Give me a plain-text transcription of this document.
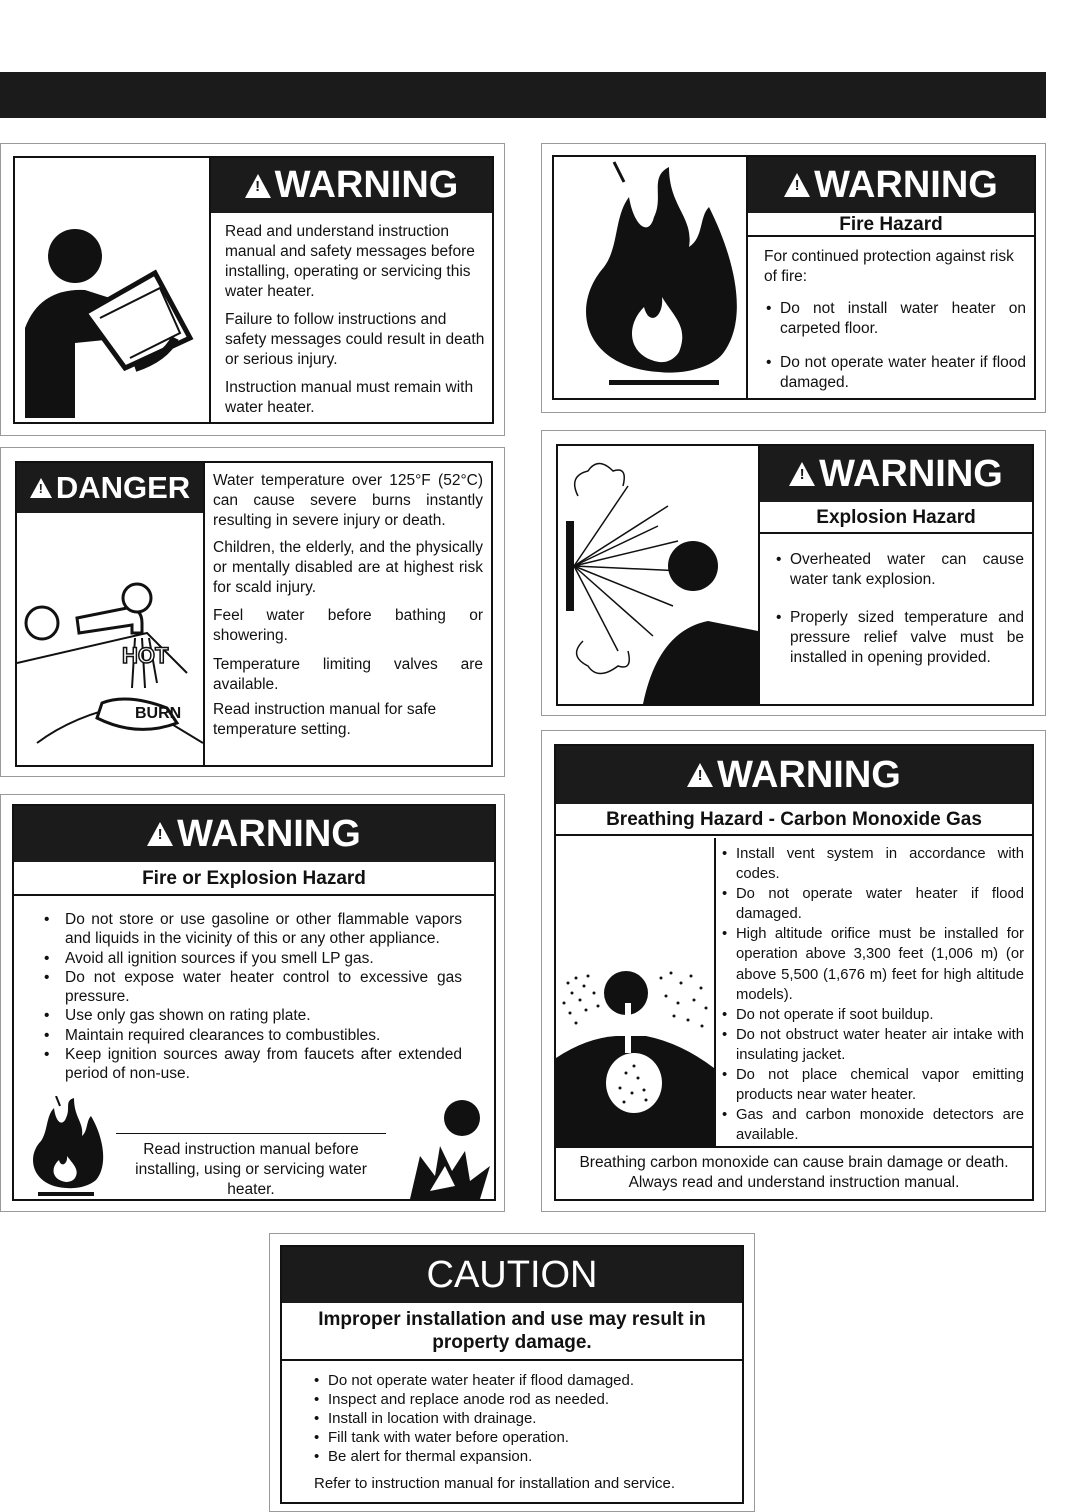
! WARNING

Read and understand instruction manual and safety messages before installing, operating or servicing this water heater.

Failure to follow instructions and safety messages could result in death or serious injury.

Instruction manual must remain with water heater.

! WARNING
Fire Hazard

For continued protection against risk of fire:

• Do not install water heater on carpeted floor.
• Do not operate water heater if flood damaged.
! DANGER
HOT
BURN

Water temperature over 125°F (52°C) can cause severe burns instantly resulting in severe injury or death.

Children, the elderly, and the physically or mentally disabled are at highest risk for scald injury.

Feel water before bathing or showering.

Temperature limiting valves are available.

Read instruction manual for safe temperature setting.

! WARNING
Explosion Hazard
• Overheated water can cause water tank explosion.
• Properly sized temperature and pressure relief valve must be installed in opening provided.
! WARNING
Fire or Explosion Hazard
• Do not store or use gasoline or other flammable vapors and liquids in the vicinity of this or any other appliance.
• Avoid all ignition sources if you smell LP gas.
• Do not expose water heater control to excessive gas pressure.
• Use only gas shown on rating plate.
• Maintain required clearances to combustibles.
• Keep ignition sources away from faucets after extended period of non-use.
Read instruction manual before installing, using or servicing water heater.
! WARNING
Breathing Hazard - Carbon Monoxide Gas
• Install vent system in accordance with codes.
• Do not operate water heater if flood damaged.
• High altitude orifice must be installed for operation above 3,300 feet (1,006 m) (or above 5,500 (1,676 m) feet for high altitude models).
• Do not operate if soot buildup.
• Do not obstruct water heater air intake with insulating jacket.
• Do not place chemical vapor emitting products near water heater.
• Gas and carbon monoxide detectors are available.
Breathing carbon monoxide can cause brain damage or death. Always read and understand instruction manual.
CAUTION
Improper installation and use may result in property damage.
• Do not operate water heater if flood damaged.
• Inspect and replace anode rod as needed.
• Install in location with drainage.
• Fill tank with water before operation.
• Be alert for thermal expansion.

Refer to instruction manual for installation and service.
